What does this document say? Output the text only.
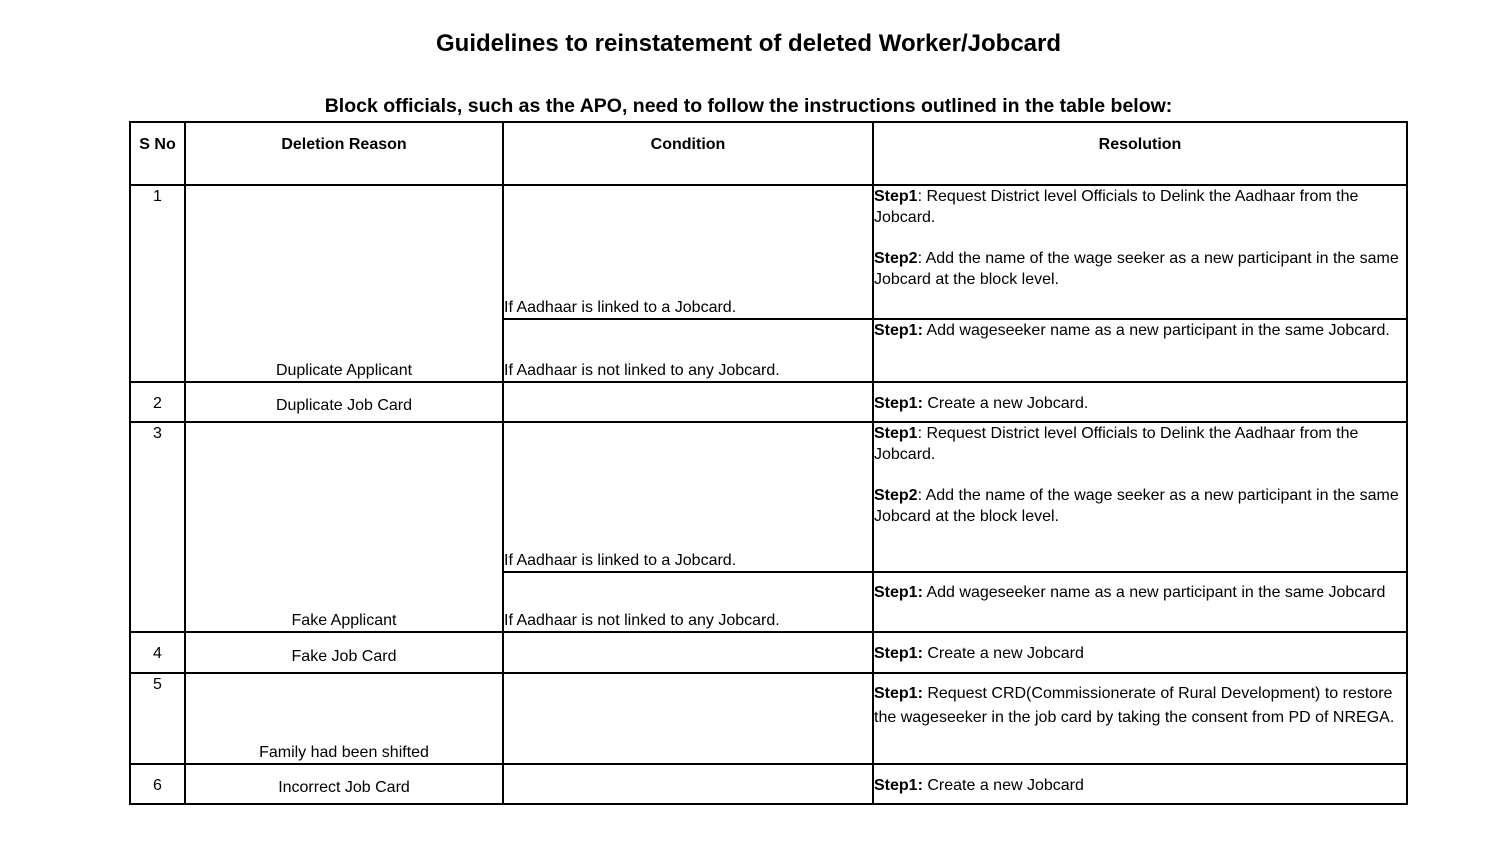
Guidelines to reinstatement of deleted Worker/Jobcard
Block officials, such as the APO, need to follow the instructions outlined in the table below:
S No	Deletion Reason	Condition	Resolution
1	Duplicate Applicant	If Aadhaar is linked to a Jobcard.	Step1: Request District level Officials to Delink the Aadhaar from the Jobcard.
Step2: Add the name of the wage seeker as a new participant in the same Jobcard at the block level.

		If Aadhaar is not linked to any Jobcard.	Step1: Add wageseeker name as a new participant in the same Jobcard.

2	Duplicate Job Card		Step1: Create a new Jobcard.

3	Fake Applicant	If Aadhaar is linked to a Jobcard.	Step1: Request District level Officials to Delink the Aadhaar from the Jobcard.
Step2: Add the name of the wage seeker as a new participant in the same Jobcard at the block level.

		If Aadhaar is not linked to any Jobcard.	Step1: Add wageseeker name as a new participant in the same Jobcard

4	Fake Job Card		Step1: Create a new Jobcard

5	Family had been shifted		Step1: Request CRD(Commissionerate of Rural Development) to restore the wageseeker in the job card by taking the consent from PD of NREGA.

6	Incorrect Job Card		Step1: Create a new Jobcard
